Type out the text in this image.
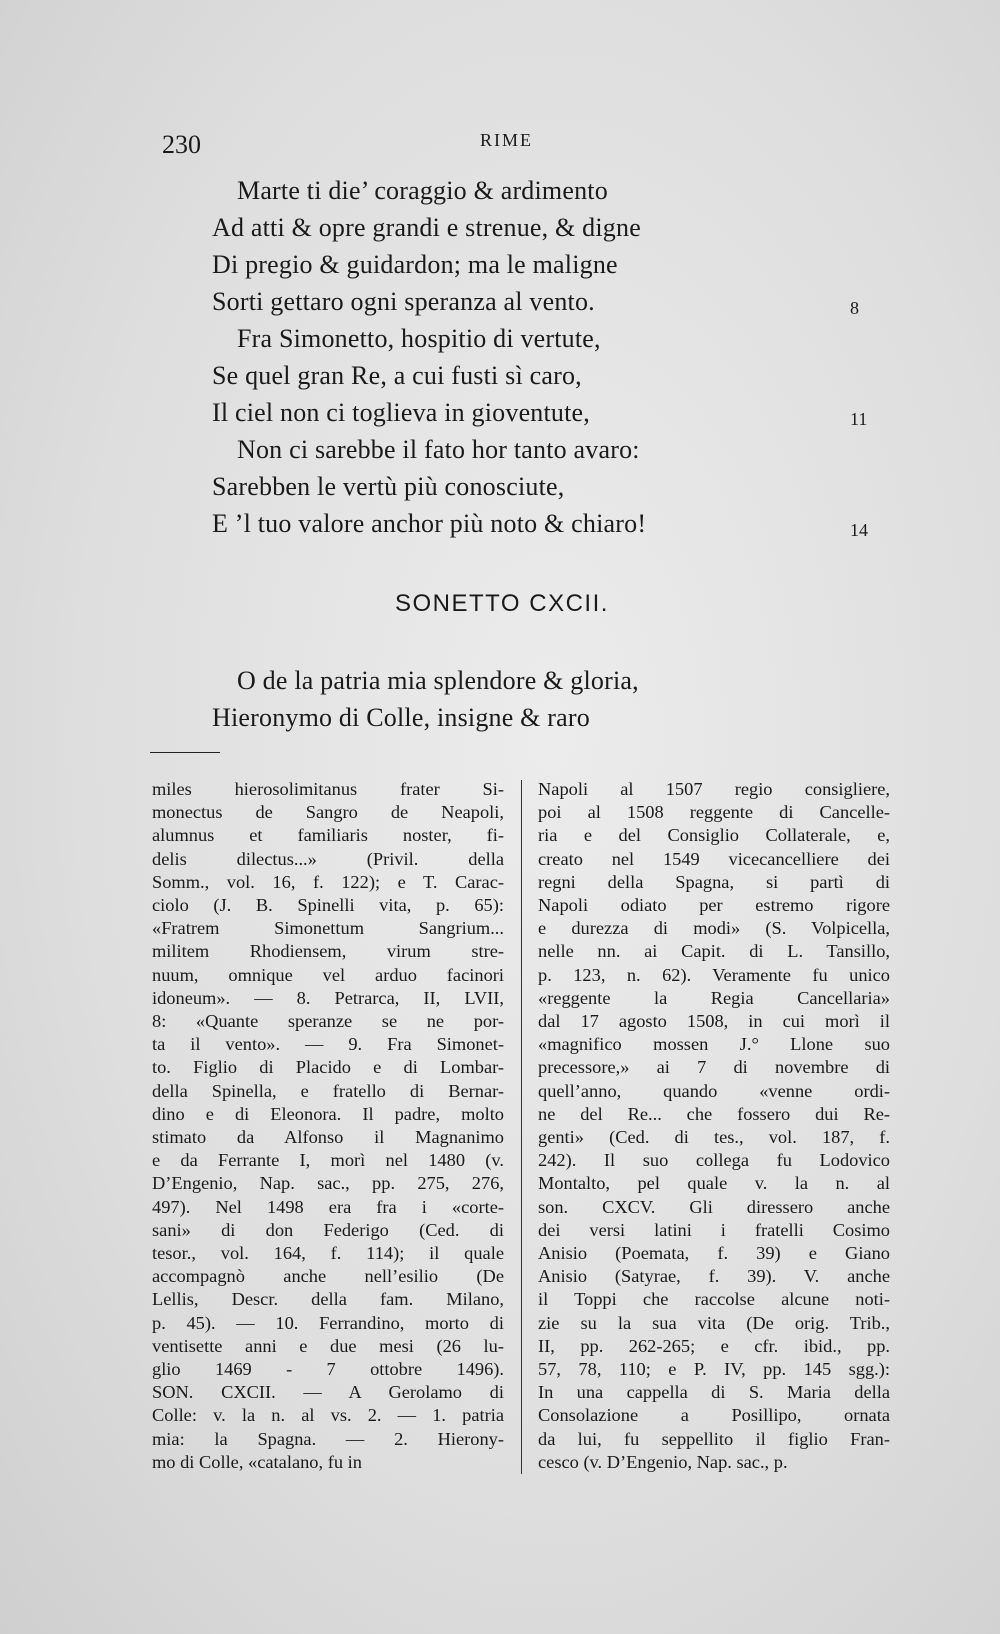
230	RIME
Marte ti die’ coraggio & ardimento
Ad atti & opre grandi e strenue, & digne
Di pregio & guidardon; ma le maligne
Sorti gettaro ogni speranza al vento.
Fra Simonetto, hospitio di vertute,
Se quel gran Re, a cui fusti sì caro,
Il ciel non ci toglieva in gioventute,
Non ci sarebbe il fato hor tanto avaro:
Sarebben le vertù più conosciute,
E ’l tuo valore anchor più noto & chiaro!
8
11
14
SONETTO CXCII.
O de la patria mia splendore & gloria,
Hieronymo di Colle, insigne & raro
miles hierosolimitanus frater Si-
monectus de Sangro de Neapoli,
alumnus et familiaris noster, fi-
delis dilectus...» (Privil. della
Somm., vol. 16, f. 122); e T. Carac-
ciolo (J. B. Spinelli vita, p. 65):
«Fratrem Simonettum Sangrium...
militem Rhodiensem, virum stre-
nuum, omnique vel arduo facinori
idoneum». — 8. Petrarca, II, LVII,
8: «Quante speranze se ne por-
ta il vento». — 9. Fra Simonet-
to. Figlio di Placido e di Lombar-
della Spinella, e fratello di Bernar-
dino e di Eleonora. Il padre, molto
stimato da Alfonso il Magnanimo
e da Ferrante I, morì nel 1480 (v.
D’Engenio, Nap. sac., pp. 275, 276,
497). Nel 1498 era fra i «corte-
sani» di don Federigo (Ced. di
tesor., vol. 164, f. 114); il quale
accompagnò anche nell’esilio (De
Lellis, Descr. della fam. Milano,
p. 45). — 10. Ferrandino, morto di
ventisette anni e due mesi (26 lu-
glio 1469 - 7 ottobre 1496).
SON. CXCII. — A Gerolamo di
Colle: v. la n. al vs. 2. — 1. patria
mia: la Spagna. — 2. Hierony-
mo di Colle, «catalano, fu in
Napoli al 1507 regio consigliere,
poi al 1508 reggente di Cancelle-
ria e del Consiglio Collaterale, e,
creato nel 1549 vicecancelliere dei
regni della Spagna, si partì di
Napoli odiato per estremo rigore
e durezza di modi» (S. Volpicella,
nelle nn. ai Capit. di L. Tansillo,
p. 123, n. 62). Veramente fu unico
«reggente la Regia Cancellaria»
dal 17 agosto 1508, in cui morì il
«magnifico mossen J.° Llone suo
precessore,» ai 7 di novembre di
quell’anno, quando «venne ordi-
ne del Re... che fossero dui Re-
genti» (Ced. di tes., vol. 187, f.
242). Il suo collega fu Lodovico
Montalto, pel quale v. la n. al
son. CXCV. Gli diressero anche
dei versi latini i fratelli Cosimo
Anisio (Poemata, f. 39) e Giano
Anisio (Satyrae, f. 39). V. anche
il Toppi che raccolse alcune noti-
zie su la sua vita (De orig. Trib.,
II, pp. 262-265; e cfr. ibid., pp.
57, 78, 110; e P. IV, pp. 145 sgg.):
In una cappella di S. Maria della
Consolazione a Posillipo, ornata
da lui, fu seppellito il figlio Fran-
cesco (v. D’Engenio, Nap. sac., p.
